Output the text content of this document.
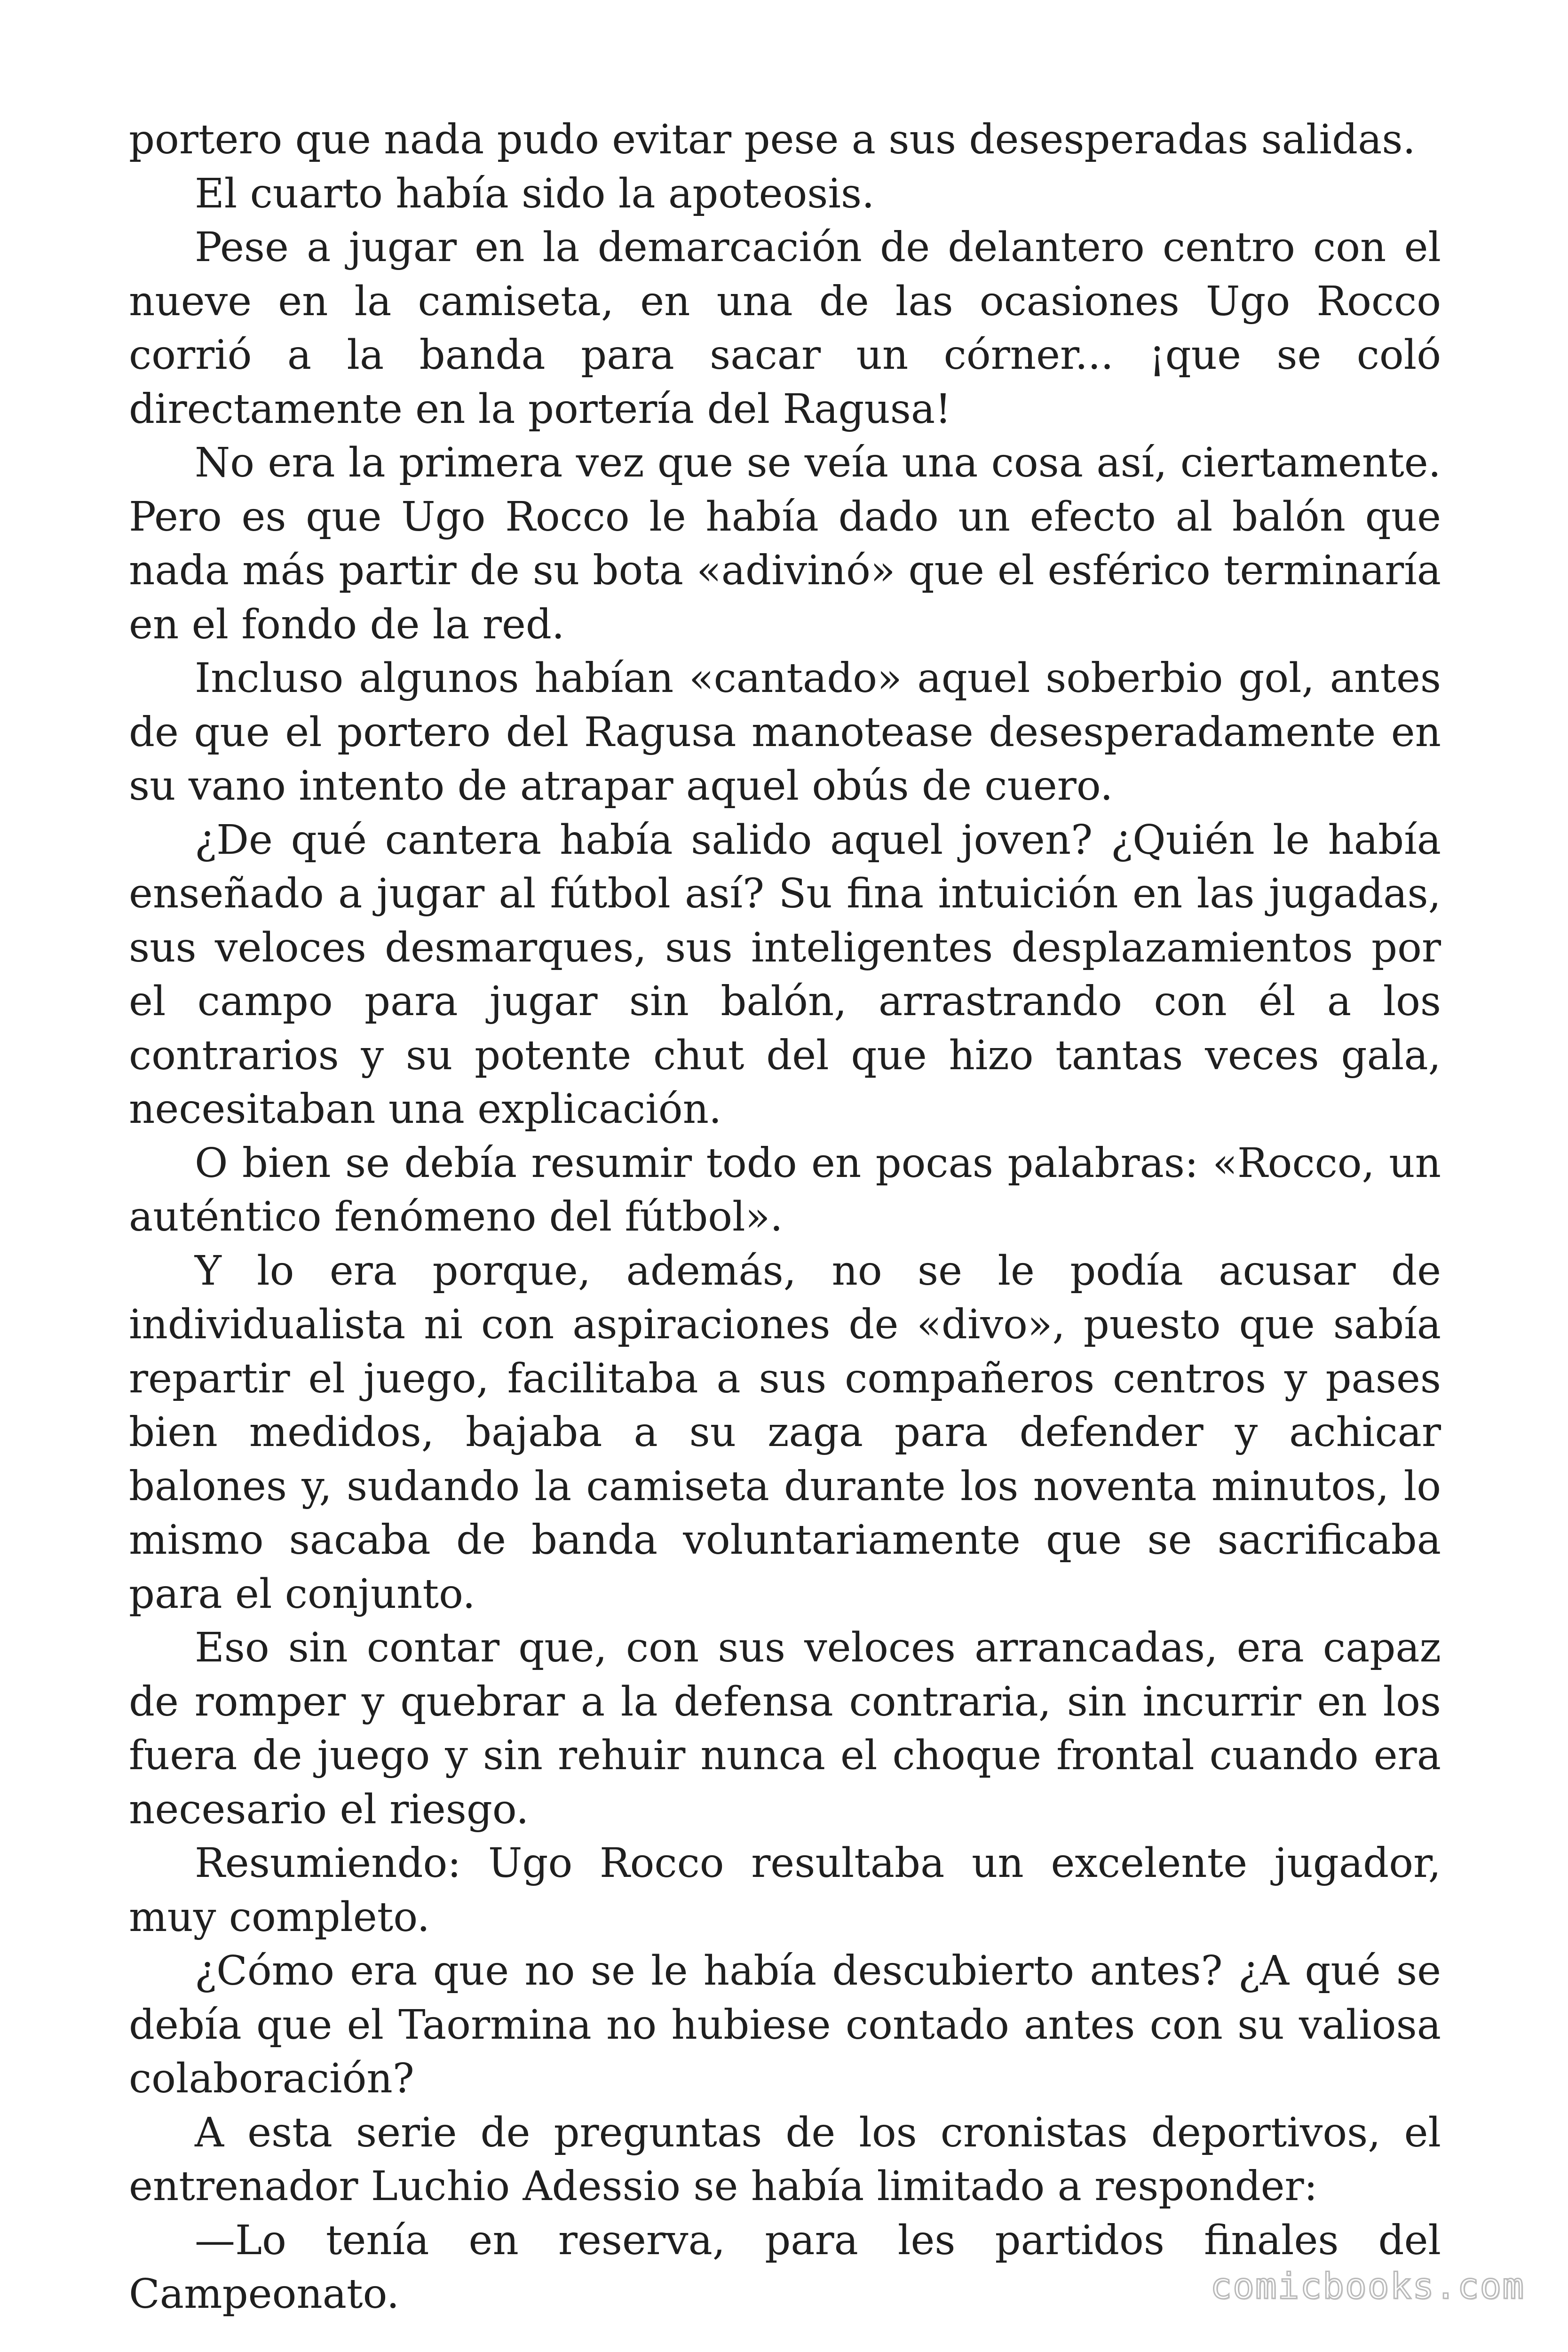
portero que nada pudo evitar pese a sus desesperadas salidas.

El cuarto había sido la apoteosis.

Pese a jugar en la demarcación de delantero centro con el nueve en la camiseta, en una de las ocasiones Ugo Rocco corrió a la banda para sacar un córner... ¡que se coló directamente en la portería del Ragusa!

No era la primera vez que se veía una cosa así, ciertamente. Pero es que Ugo Rocco le había dado un efecto al balón que nada más partir de su bota «adivinó» que el esférico terminaría en el fondo de la red.

Incluso algunos habían «cantado» aquel soberbio gol, antes de que el portero del Ragusa manotease desesperadamente en su vano intento de atrapar aquel obús de cuero.

¿De qué cantera había salido aquel joven? ¿Quién le había enseñado a jugar al fútbol así? Su fina intuición en las jugadas, sus veloces desmarques, sus inteligentes desplazamientos por el campo para jugar sin balón, arrastrando con él a los contrarios y su potente chut del que hizo tantas veces gala, necesitaban una explicación.

O bien se debía resumir todo en pocas palabras: «Rocco, un auténtico fenómeno del fútbol».

Y lo era porque, además, no se le podía acusar de individualista ni con aspiraciones de «divo», puesto que sabía repartir el juego, facilitaba a sus compañeros centros y pases bien medidos, bajaba a su zaga para defender y achicar balones y, sudando la camiseta durante los noventa minutos, lo mismo sacaba de banda voluntariamente que se sacrificaba para el conjunto.

Eso sin contar que, con sus veloces arrancadas, era capaz de romper y quebrar a la defensa contraria, sin incurrir en los fuera de juego y sin rehuir nunca el choque frontal cuando era necesario el riesgo.

Resumiendo: Ugo Rocco resultaba un excelente jugador, muy completo.

¿Cómo era que no se le había descubierto antes? ¿A qué se debía que el Taormina no hubiese contado antes con su valiosa colaboración?

A esta serie de preguntas de los cronistas deportivos, el entrenador Luchio Adessio se había limitado a responder:

—Lo tenía en reserva, para les partidos finales del Campeonato.	comicbooks.com
